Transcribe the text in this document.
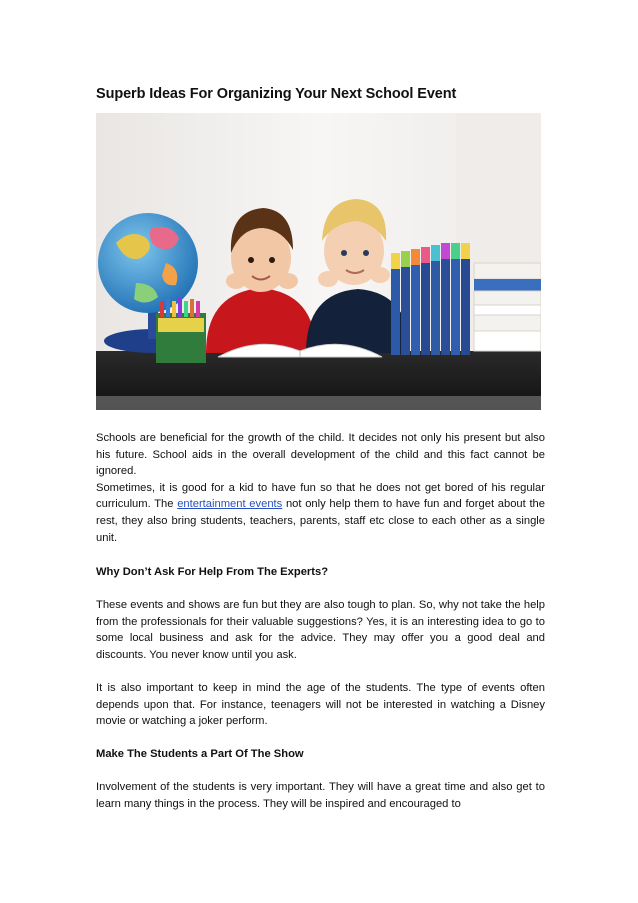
Superb Ideas For Organizing Your Next School Event

Schools are beneficial for the growth of the child. It decides not only his present but also his future. School aids in the overall development of the child and this fact cannot be ignored.

Sometimes, it is good for a kid to have fun so that he does not get bored of his regular curriculum. The entertainment events not only help them to have fun and forget about the rest, they also bring students, teachers, parents, staff etc close to each other as a single unit.

Why Don’t Ask For Help From The Experts?
These events and shows are fun but they are also tough to plan. So, why not take the help from the professionals for their valuable suggestions? Yes, it is an interesting idea to go to some local business and ask for the advice. They may offer you a good deal and discounts. You never know until you ask.
It is also important to keep in mind the age of the students. The type of events often depends upon that. For instance, teenagers will not be interested in watching a Disney movie or watching a joker perform.
Make The Students a Part Of The Show
Involvement of the students is very important. They will have a great time and also get to learn many things in the process. They will be inspired and encouraged to
